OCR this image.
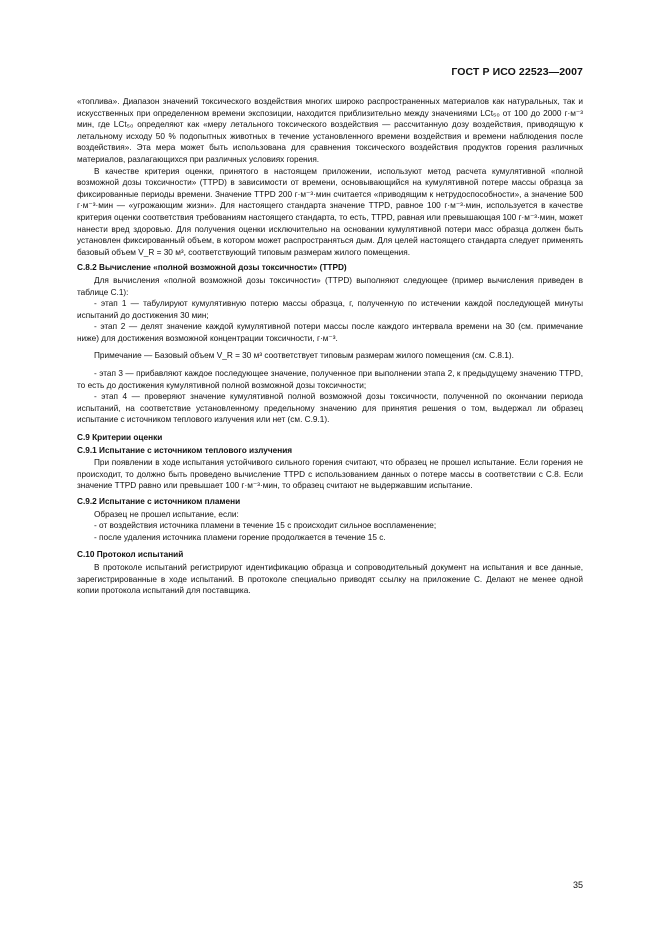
ГОСТ Р ИСО 22523—2007

«топлива». Диапазон значений токсического воздействия многих широко распространенных материалов как натуральных, так и искусственных при определенном времени экспозиции, находится приблизительно между значениями LCt₅₀ от 100 до 2000 г·м⁻³ мин, где LCt₅₀ определяют как «меру летального токсического воздействия — рассчитанную дозу воздействия, приводящую к летальному исходу 50 % подопытных животных в течение установленного времени воздействия и времени наблюдения после воздействия». Эта мера может быть использована для сравнения токсического воздействия продуктов горения различных материалов, разлагающихся при различных условиях горения.

В качестве критерия оценки, принятого в настоящем приложении, используют метод расчета кумулятивной «полной возможной дозы токсичности» (TTPD) в зависимости от времени, основывающийся на кумулятивной потере массы образца за фиксированные периоды времени. Значение TTPD 200 г·м⁻³·мин считается «приводящим к нетрудоспособности», а значение 500 г·м⁻³·мин — «угрожающим жизни». Для настоящего стандарта значение TTPD, равное 100 г·м⁻³·мин, используется в качестве критерия оценки соответствия требованиям настоящего стандарта, то есть, TTPD, равная или превышающая 100 г·м⁻³·мин, может нанести вред здоровью. Для получения оценки исключительно на основании кумулятивной потери масс образца должен быть установлен фиксированный объем, в котором может распространяться дым. Для целей настоящего стандарта следует применять базовый объем V_R = 30 м³, соответствующий типовым размерам жилого помещения.

C.8.2 Вычисление «полной возможной дозы токсичности» (TTPD)

Для вычисления «полной возможной дозы токсичности» (TTPD) выполняют следующее (пример вычисления приведен в таблице C.1):

- этап 1 — табулируют кумулятивную потерю массы образца, г, полученную по истечении каждой последующей минуты испытаний до достижения 30 мин;

- этап 2 — делят значение каждой кумулятивной потери массы после каждого интервала времени на 30 (см. примечание ниже) для достижения возможной концентрации токсичности, г·м⁻³.

Примечание — Базовый объем V_R = 30 м³ соответствует типовым размерам жилого помещения (см. C.8.1).

- этап 3 — прибавляют каждое последующее значение, полученное при выполнении этапа 2, к предыдущему значению TTPD, то есть до достижения кумулятивной полной возможной дозы токсичности;

- этап 4 — проверяют значение кумулятивной полной возможной дозы токсичности, полученной по окончании периода испытаний, на соответствие установленному предельному значению для принятия решения о том, выдержал ли образец испытание с источником теплового излучения или нет (см. C.9.1).

C.9 Критерии оценки

C.9.1 Испытание с источником теплового излучения

При появлении в ходе испытания устойчивого сильного горения считают, что образец не прошел испытание. Если горения не происходит, то должно быть проведено вычисление TTPD с использованием данных о потере массы в соответствии с C.8. Если значение TTPD равно или превышает 100 г·м⁻³·мин, то образец считают не выдержавшим испытание.

C.9.2 Испытание с источником пламени

Образец не прошел испытание, если:

- от воздействия источника пламени в течение 15 с происходит сильное воспламенение;

- после удаления источника пламени горение продолжается в течение 15 с.

C.10 Протокол испытаний

В протоколе испытаний регистрируют идентификацию образца и сопроводительный документ на испытания и все данные, зарегистрированные в ходе испытаний. В протоколе специально приводят ссылку на приложение C. Делают не менее одной копии протокола испытаний для поставщика.

35
